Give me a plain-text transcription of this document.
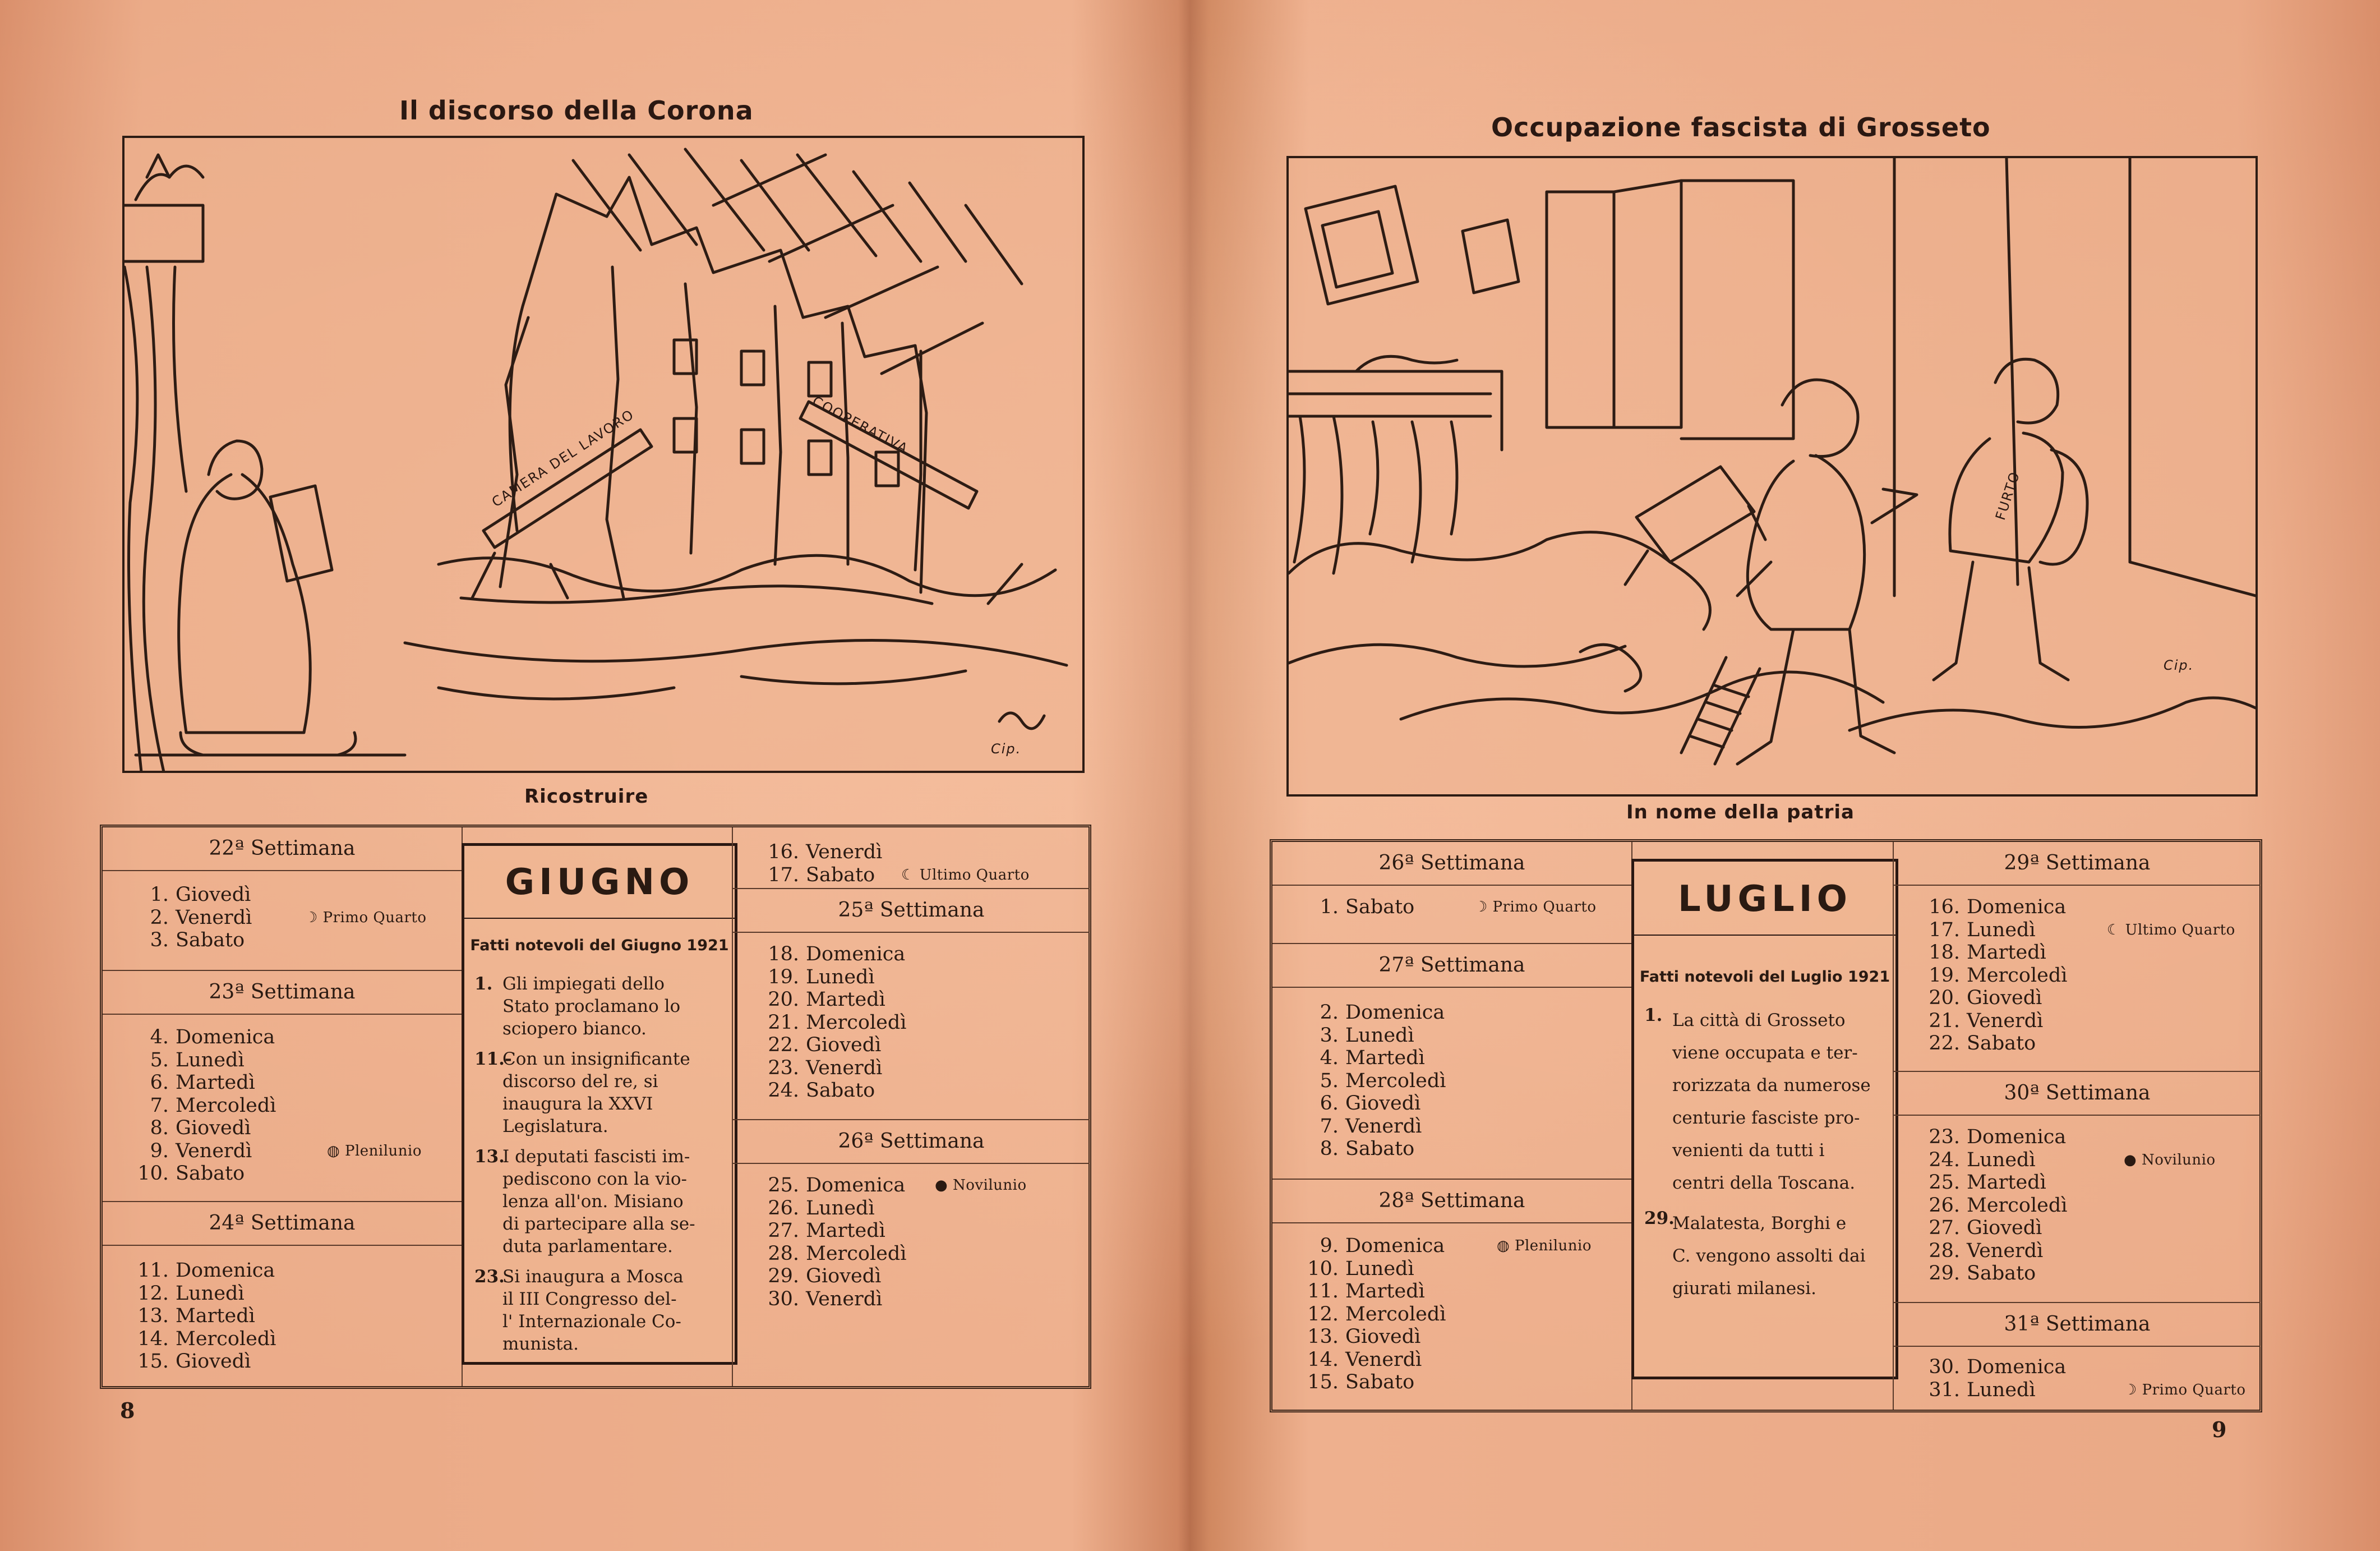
Il discorso della Corona
CAMERA DEL LAVORO	COOPERATIVA
Cip.
Ricostruire
22ª Settimana
1. Giovedì
2. Venerdì	☽ Primo Quarto
3. Sabato
23ª Settimana
4. Domenica
5. Lunedì
6. Martedì
7. Mercoledì
8. Giovedì
9. Venerdì	◍ Plenilunio
10. Sabato
24ª Settimana
11. Domenica
12. Lunedì
13. Martedì
14. Mercoledì
15. Giovedì
GIUGNO
Fatti notevoli del Giugno 1921
1. Gli impiegati dello
Stato proclamano lo
sciopero bianco.
11.-
Con un insignificante
discorso del re, si
inaugura la XXVI
Legislatura.
13.
I deputati fascisti im-
pediscono con la vio-
lenza all'on. Misiano
di partecipare alla se-
duta parlamentare.
23.
Si inaugura a Mosca
il III Congresso del-
l' Internazionale Co-
munista.
16. Venerdì
17. Sabato ☾ Ultimo Quarto
25ª Settimana
18. Domenica
19. Lunedì
20. Martedì
21. Mercoledì
22. Giovedì
23. Venerdì
24. Sabato
26ª Settimana
25. Domenica ● Novilunio
26. Lunedì
27. Martedì
28. Mercoledì
29. Giovedì
30. Venerdì
8
Occupazione fascista di Grosseto
FURTO
Cip.
In nome della patria
26ª Settimana
1. Sabato	☽ Primo Quarto
27ª Settimana
2. Domenica
3. Lunedì
4. Martedì
5. Mercoledì
6. Giovedì
7. Venerdì
8. Sabato
28ª Settimana
9. Domenica	◍ Plenilunio
10. Lunedì
11. Martedì
12. Mercoledì
13. Giovedì
14. Venerdì
15. Sabato
LUGLIO
Fatti notevoli del Luglio 1921
1. La città di Grosseto
viene occupata e ter-
rorizzata da numerose
centurie fasciste pro-
venienti da tutti i
centri della Toscana.
29.
Malatesta, Borghi e
C. vengono assolti dai
giurati milanesi.
29ª Settimana
16. Domenica
17. Lunedì	☾ Ultimo Quarto
18. Martedì
19. Mercoledì
20. Giovedì
21. Venerdì
22. Sabato
30ª Settimana
23. Domenica
24. Lunedì	● Novilunio
25. Martedì
26. Mercoledì
27. Giovedì
28. Venerdì
29. Sabato
31ª Settimana
30. Domenica
31. Lunedì	☽ Primo Quarto
9
